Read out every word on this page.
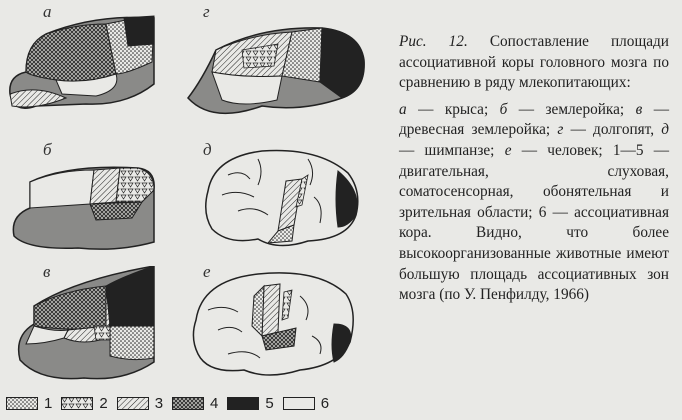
а	г
б	д
в	е

Рис. 12. Сопоставление площади ассоциативной коры головного мозга по сравнению в ряду млекопитающих:

а — крыса; б — землеройка; в — древесная землеройка; г — долгопят, д — шимпанзе; е — человек; 1—5 — двигательная, слуховая, соматосенсорная, обонятельная и зрительная области; 6 — ассоциативная кора. Видно, что более высокоорганизованные животные имеют большую площадь ассоциативных зон мозга (по У. Пенфилду, 1966)

1	2	3	4	5	6
